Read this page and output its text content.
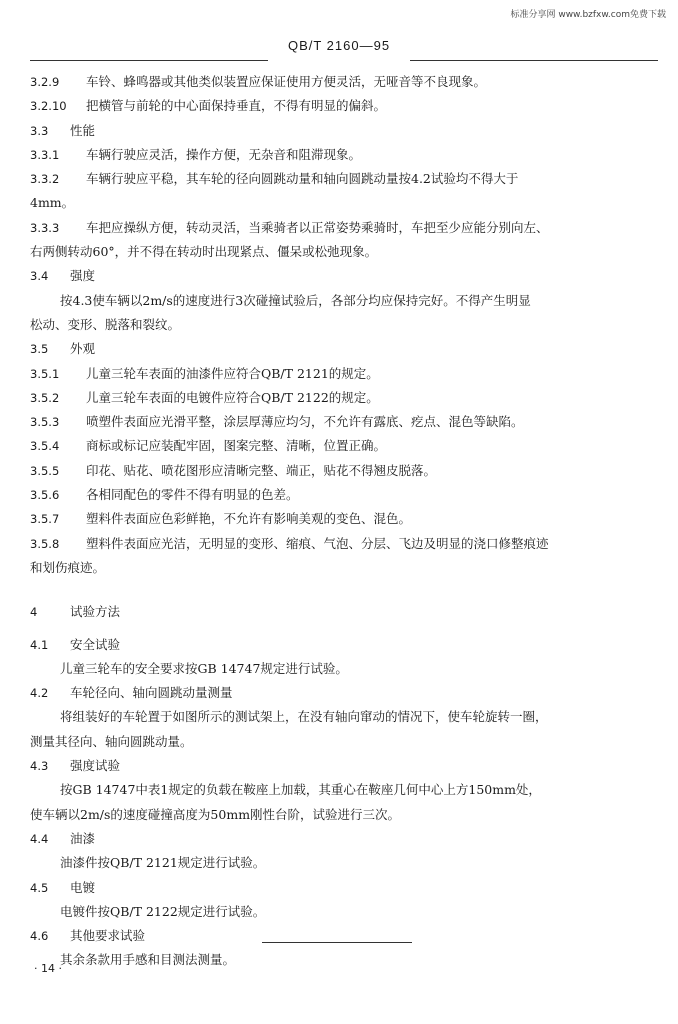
标准分享网 www.bzfxw.com免费下载
QB/T 2160—95
3.2.9 车铃、蜂鸣器或其他类似装置应保证使用方便灵活，无哑音等不良现象。
3.2.10 把横管与前轮的中心面保持垂直，不得有明显的偏斜。
3.3 性能
3.3.1 车辆行驶应灵活，操作方便，无杂音和阻滞现象。
3.3.2 车辆行驶应平稳，其车轮的径向圆跳动量和轴向圆跳动量按4.2试验均不得大于
4mm。
3.3.3 车把应操纵方便，转动灵活，当乘骑者以正常姿势乘骑时，车把至少应能分别向左、
右两侧转动60°，并不得在转动时出现紧点、僵呆或松弛现象。
3.4 强度
按4.3使车辆以2m/s的速度进行3次碰撞试验后，各部分均应保持完好。不得产生明显
松动、变形、脱落和裂纹。
3.5 外观
3.5.1 儿童三轮车表面的油漆件应符合QB/T 2121的规定。
3.5.2 儿童三轮车表面的电镀件应符合QB/T 2122的规定。
3.5.3 喷塑件表面应光滑平整，涂层厚薄应均匀，不允许有露底、疙点、混色等缺陷。
3.5.4 商标或标记应装配牢固，图案完整、清晰，位置正确。
3.5.5 印花、贴花、喷花图形应清晰完整、端正，贴花不得翘皮脱落。
3.5.6 各相同配色的零件不得有明显的色差。
3.5.7 塑料件表面应色彩鲜艳，不允许有影响美观的变色、混色。
3.5.8 塑料件表面应光洁，无明显的变形、缩痕、气泡、分层、飞边及明显的浇口修整痕迹
和划伤痕迹。
4	试验方法
4.1 安全试验
儿童三轮车的安全要求按GB 14747规定进行试验。
4.2 车轮径向、轴向圆跳动量测量
将组装好的车轮置于如图所示的测试架上，在没有轴向窜动的情况下，使车轮旋转一圈，
测量其径向、轴向圆跳动量。
4.3 强度试验
按GB 14747中表1规定的负载在鞍座上加载，其重心在鞍座几何中心上方150mm处，
使车辆以2m/s的速度碰撞高度为50mm刚性台阶，试验进行三次。
4.4 油漆
油漆件按QB/T 2121规定进行试验。
4.5 电镀
电镀件按QB/T 2122规定进行试验。
4.6 其他要求试验
其余条款用手感和目测法测量。
· 14 ·
